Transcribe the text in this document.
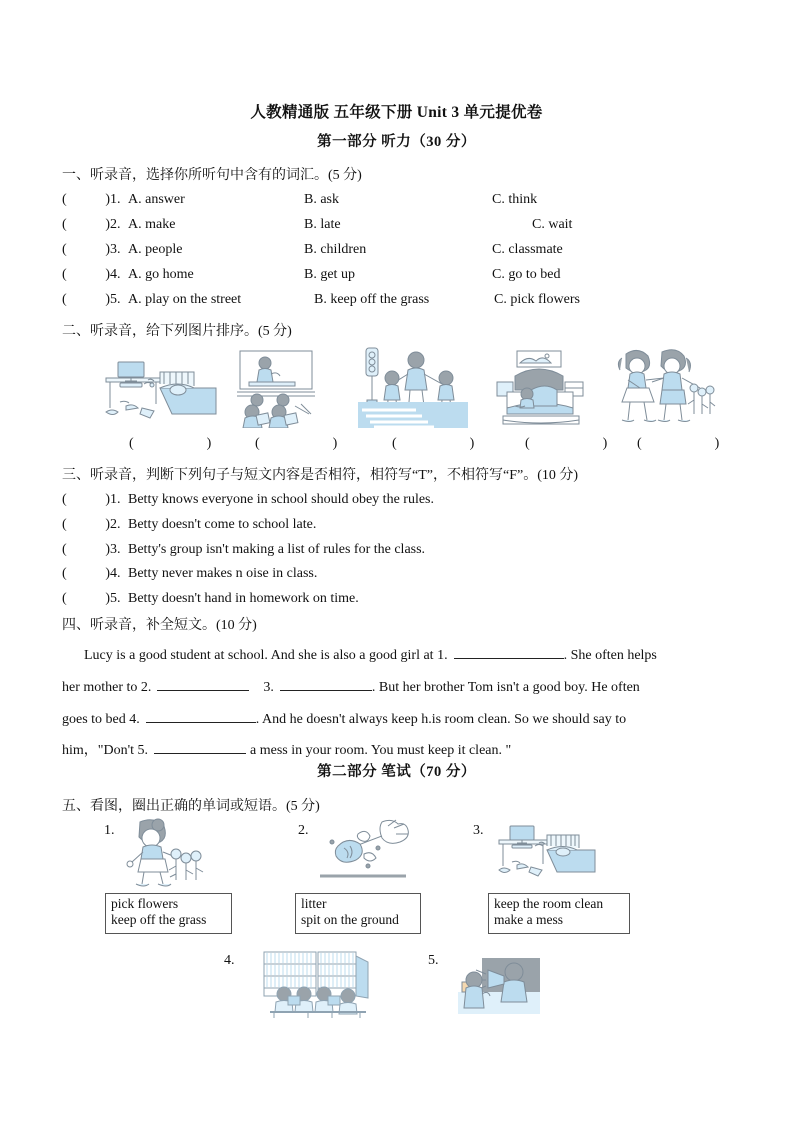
人教精通版 五年级下册 Unit 3 单元提优卷
第一部分 听力（30 分）
一、听录音，选择你所听句中含有的词汇。(5 分)
( )1. A. answer	B. ask	C. think
( )2. A. make	B. late	C. wait
( )3. A. people	B. children	C. classmate
( )4. A. go home	B. get up	C. go to bed
( )5. A. play on the street	B. keep off the grass	C. pick flowers
二、听录音，给下列图片排序。(5 分)
(  ) (  ) (  ) (  ) (  )
三、听录音，判断下列句子与短文内容是否相符，相符写“T”，不相符写“F”。(10 分)
( )1. Betty knows everyone in school should obey the rules.
( )2. Betty doesn't come to school late.
( )3. Betty's group isn't making a list of rules for the class.
( )4. Betty never makes n oise in class.
( )5. Betty doesn't hand in homework on time.
四、听录音，补全短文。(10 分)
Lucy is a good student at school. And she is also a good girl at 1.	. She often helps
her mother to 2.	3.	. But her brother Tom isn't a good boy. He often
goes to bed 4.	. And he doesn't always keep h.is room clean. So we should say to
him，"Don't 5.	a mess in your room. You must keep it clean. "
第二部分 笔试（70 分）
五、看图，圈出正确的单词或短语。(5 分)
1.
pick flowers
keep off the grass
2.
litter
spit on the ground
3.
keep the room clean
make a mess
4.	5.
